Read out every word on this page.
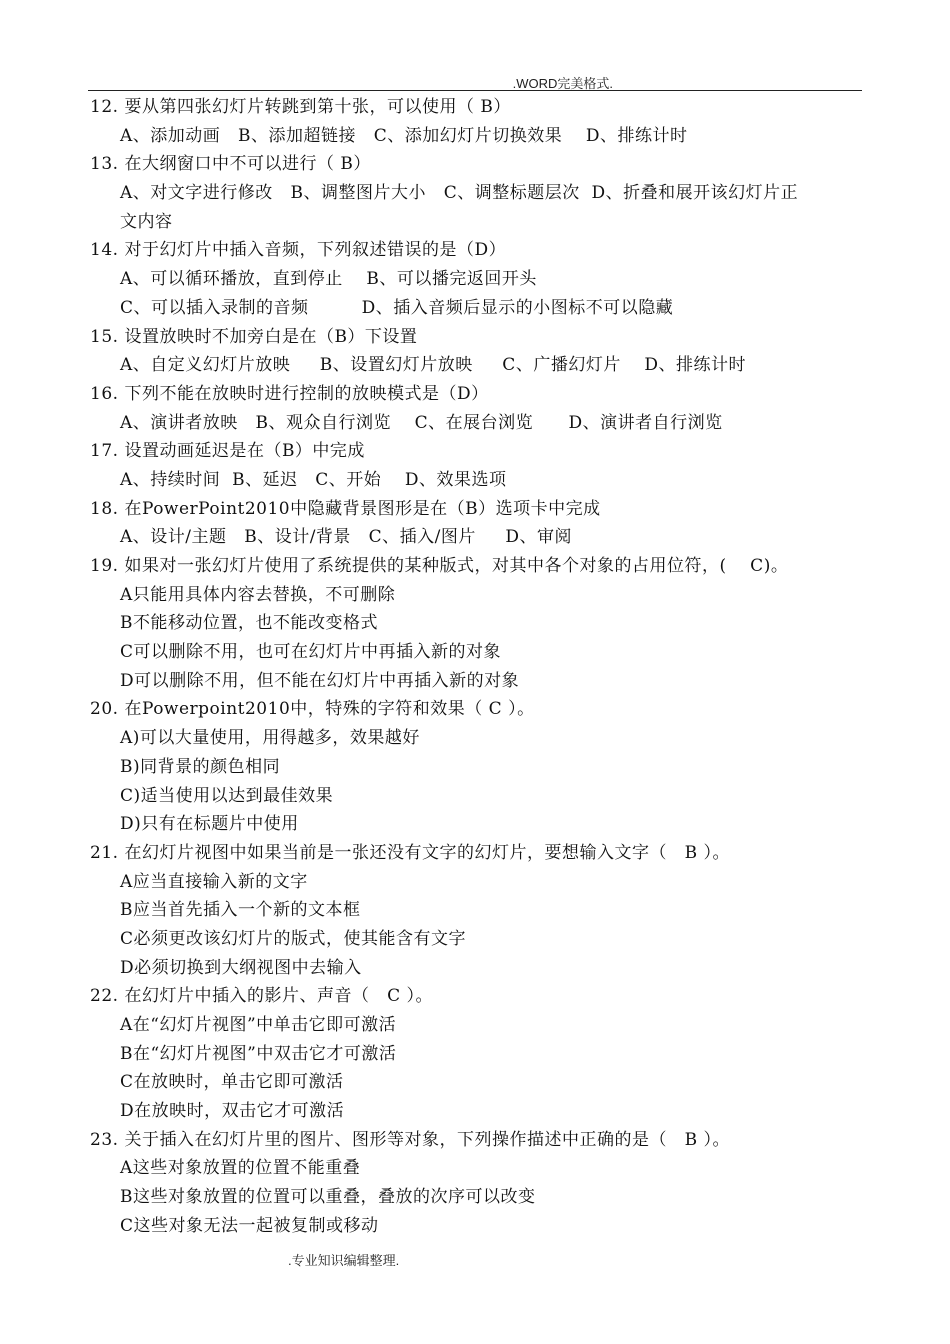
.WORD完美格式.
12. 要从第四张幻灯片转跳到第十张，可以使用（ B）
A、添加动画   B、添加超链接   C、添加幻灯片切换效果    D、排练计时
13. 在大纲窗口中不可以进行（ B）
A、对文字进行修改   B、调整图片大小   C、调整标题层次  D、折叠和展开该幻灯片正
文内容
14. 对于幻灯片中插入音频，下列叙述错误的是（D）
A、可以循环播放，直到停止    B、可以播完返回开头
C、可以插入录制的音频         D、插入音频后显示的小图标不可以隐藏
15. 设置放映时不加旁白是在（B）下设置
A、自定义幻灯片放映     B、设置幻灯片放映     C、广播幻灯片    D、排练计时
16. 下列不能在放映时进行控制的放映模式是（D）
A、演讲者放映   B、观众自行浏览    C、在展台浏览      D、演讲者自行浏览
17. 设置动画延迟是在（B）中完成
A、持续时间  B、延迟   C、开始    D、效果选项
18. 在PowerPoint2010中隐藏背景图形是在（B）选项卡中完成
A、设计/主题   B、设计/背景   C、插入/图片     D、审阅
19. 如果对一张幻灯片使用了系统提供的某种版式，对其中各个对象的占用位符，(    C)。
A只能用具体内容去替换，不可删除
B不能移动位置，也不能改变格式
C可以删除不用，也可在幻灯片中再插入新的对象
D可以删除不用，但不能在幻灯片中再插入新的对象
20. 在Powerpoint2010中，特殊的字符和效果（ C ）。
A)可以大量使用，用得越多，效果越好
B)同背景的颜色相同
C)适当使用以达到最佳效果
D)只有在标题片中使用
21. 在幻灯片视图中如果当前是一张还没有文字的幻灯片，要想输入文字（   B ）。
A应当直接输入新的文字
B应当首先插入一个新的文本框
C必须更改该幻灯片的版式，使其能含有文字
D必须切换到大纲视图中去输入
22. 在幻灯片中插入的影片、声音（   C ）。
A在“幻灯片视图”中单击它即可激活
B在“幻灯片视图”中双击它才可激活
C在放映时，单击它即可激活
D在放映时，双击它才可激活
23. 关于插入在幻灯片里的图片、图形等对象，下列操作描述中正确的是（   B ）。
A这些对象放置的位置不能重叠
B这些对象放置的位置可以重叠，叠放的次序可以改变
C这些对象无法一起被复制或移动
.专业知识编辑整理.
